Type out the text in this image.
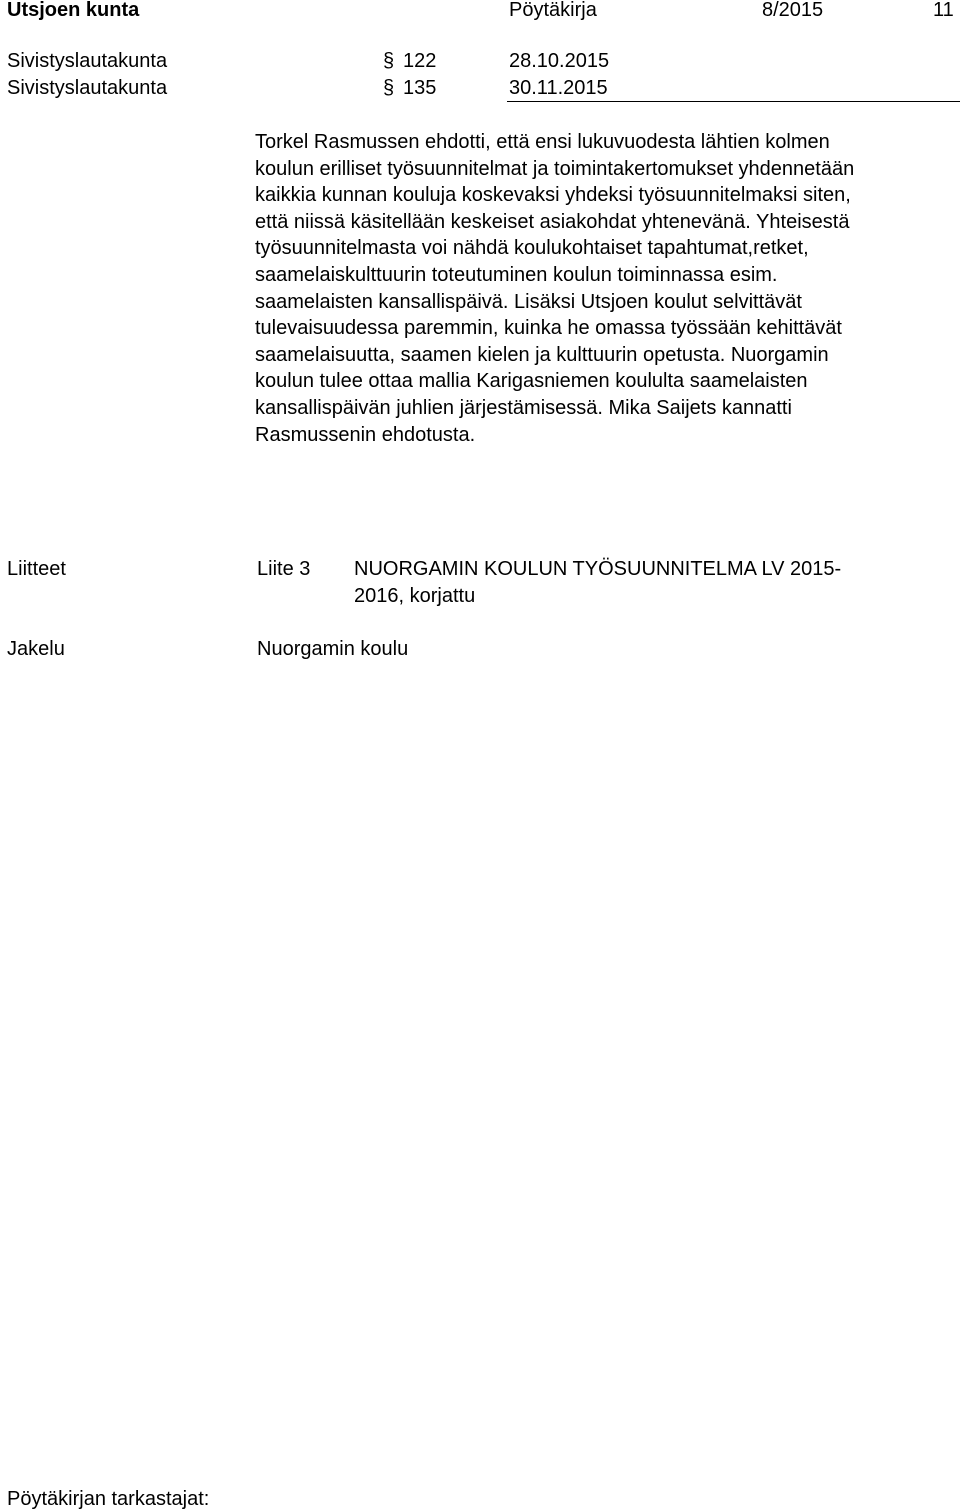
Utsjoen kunta	Pöytäkirja	8/2015	11
Sivistyslautakunta	§ 122	28.10.2015
Sivistyslautakunta	§ 135	30.11.2015
Torkel Rasmussen ehdotti, että ensi lukuvuodesta lähtien kolmen
koulun erilliset työsuunnitelmat ja toimintakertomukset yhdennetään
kaikkia kunnan kouluja koskevaksi yhdeksi työsuunnitelmaksi siten,
että niissä käsitellään keskeiset asiakohdat yhtenevänä. Yhteisestä
työsuunnitelmasta voi nähdä koulukohtaiset tapahtumat,retket,
saamelaiskulttuurin toteutuminen koulun toiminnassa esim.
saamelaisten kansallispäivä. Lisäksi Utsjoen koulut selvittävät
tulevaisuudessa paremmin, kuinka he omassa työssään kehittävät
saamelaisuutta, saamen kielen ja kulttuurin opetusta. Nuorgamin
koulun tulee ottaa mallia Karigasniemen koululta saamelaisten
kansallispäivän juhlien järjestämisessä. Mika Saijets kannatti
Rasmussenin ehdotusta.
Liitteet	Liite 3 NUORGAMIN KOULUN TYÖSUUNNITELMA LV 2015-
2016, korjattu
Jakelu	Nuorgamin koulu
Pöytäkirjan tarkastajat:
